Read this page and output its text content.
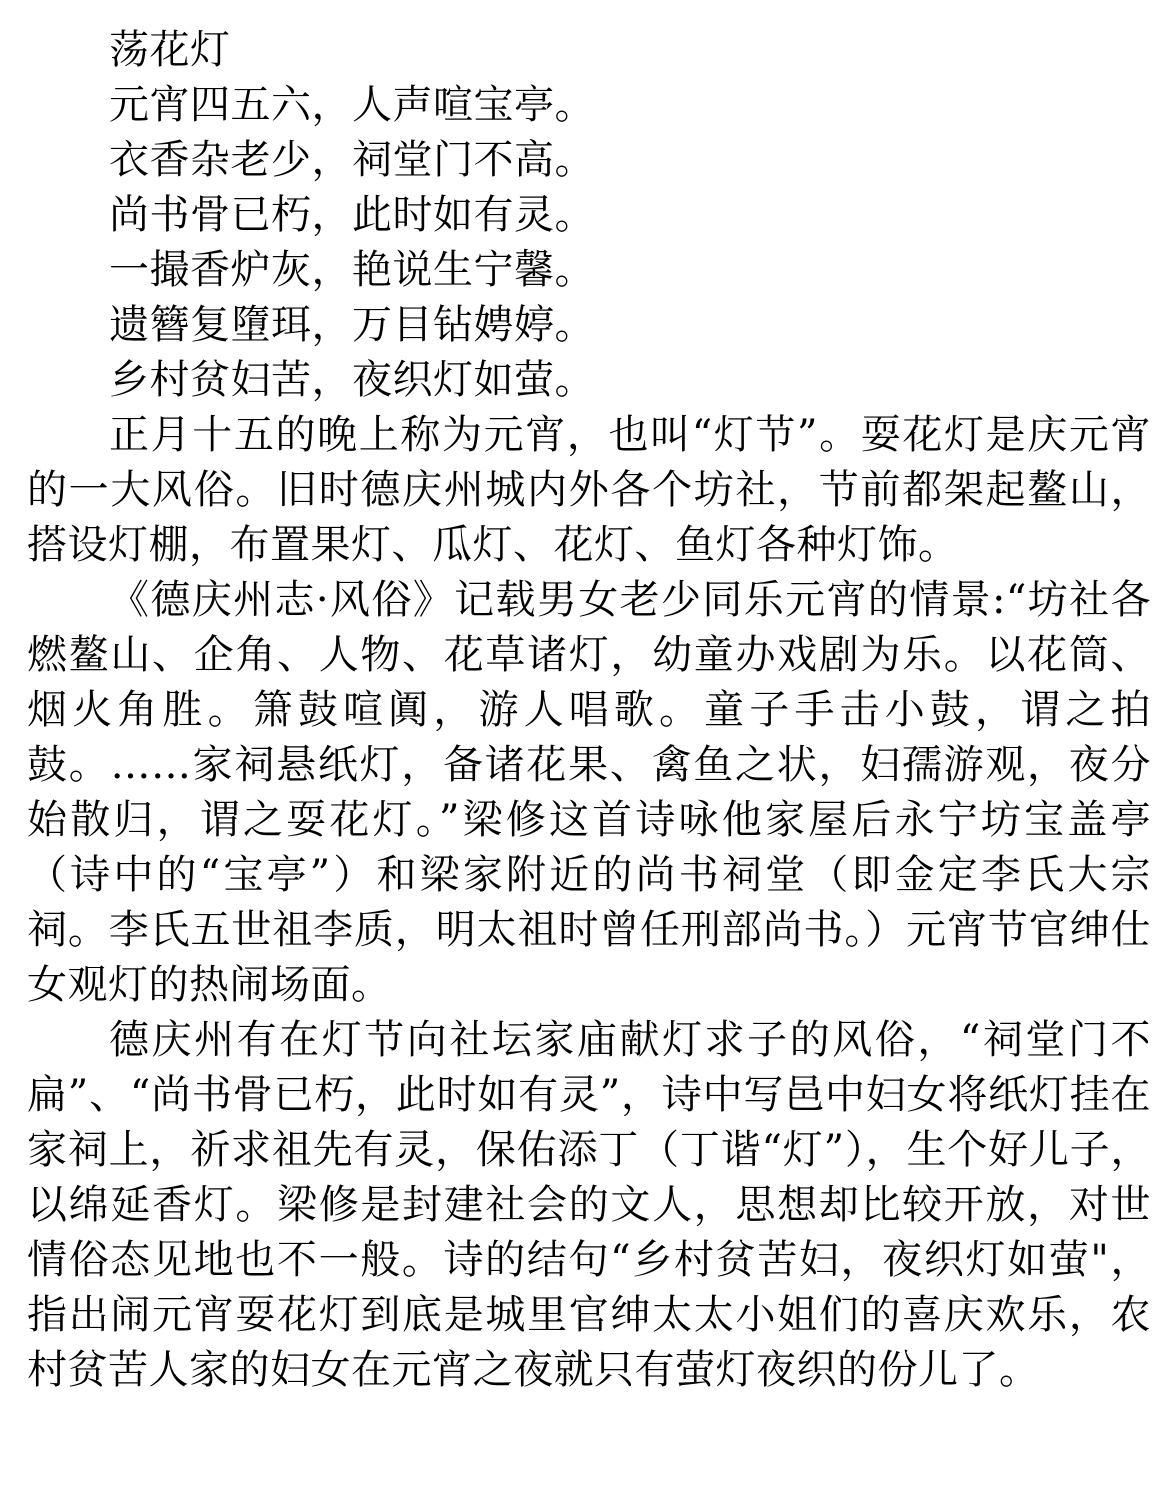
荡花灯

元宵四五六，人声喧宝亭。

衣香杂老少，祠堂门不高。

尚书骨已朽，此时如有灵。

一撮香炉灰，艳说生宁馨。

遗簪复墮珥，万目钻娉婷。

乡村贫妇苦，夜织灯如萤。

正月十五的晚上称为元宵，也叫“灯节”。耍花灯是庆元宵的一大风俗。旧时德庆州城内外各个坊社，节前都架起鳌山，搭设灯棚，布置果灯、瓜灯、花灯、鱼灯各种灯饰。

《德庆州志·风俗》记载男女老少同乐元宵的情景:“坊社各燃鳌山、企角、人物、花草诸灯，幼童办戏剧为乐。以花筒、烟火角胜。箫鼓喧阗，游人唱歌。童子手击小鼓，谓之拍鼓。……家祠悬纸灯，备诸花果、禽鱼之状，妇孺游观，夜分始散归，谓之耍花灯。”梁修这首诗咏他家屋后永宁坊宝盖亭（诗中的“宝亭”）和梁家附近的尚书祠堂（即金定李氏大宗祠。李氏五世祖李质，明太祖时曾任刑部尚书。）元宵节官绅仕女观灯的热闹场面。

德庆州有在灯节向社坛家庙献灯求子的风俗，“祠堂门不扁”、“尚书骨已朽，此时如有灵”，诗中写邑中妇女将纸灯挂在家祠上，祈求祖先有灵，保佑添丁（丁谐“灯”），生个好儿子，以绵延香灯。梁修是封建社会的文人，思想却比较开放，对世情俗态见地也不一般。诗的结句“乡村贫苦妇，夜织灯如萤"，指出闹元宵耍花灯到底是城里官绅太太小姐们的喜庆欢乐，农村贫苦人家的妇女在元宵之夜就只有萤灯夜织的份儿了。
